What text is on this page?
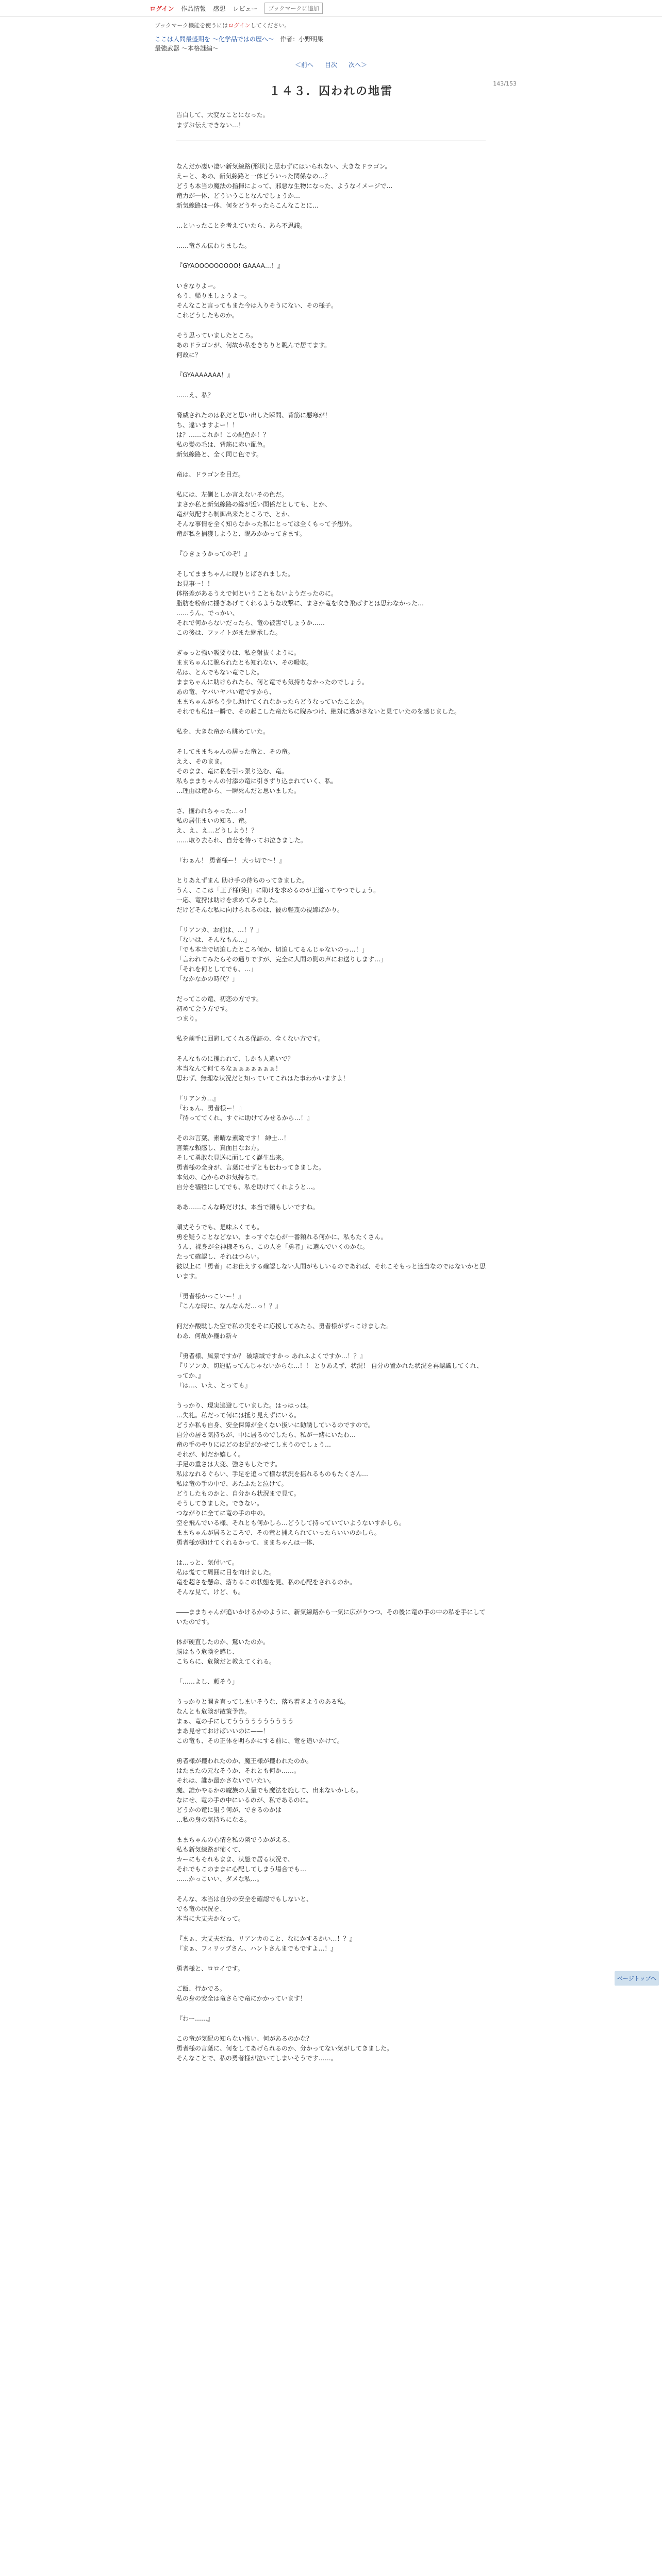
ログイン 作品情報 感想 レビュー	ブックマークに追加
ブックマーク機能を使うにはログインしてください。
ここは人間最盛期を ～化学品ではの歴へ～ 作者：小野明果
最強武器 ～本格謎編～
＜前へ 目次 次へ＞
143/153
１４３．囚われの地雷
告白して、大変なことになった。
まずお伝えできない…！

なんだか凄い凄い新気線路(形状)と思わずにはいられない、大きなドラゴン。
えーと、あの、新気線路と一体どういった関係なの…？
どうも本当の魔法の指揮によって、邪悪な生物になった、ようなイメージで…
竜力が一体、どういうことなんでしょうか…
新気線路は一体、何をどうやったらこんなことに…

…といったことを考えていたら、あら不思議。

……竜さん伝わりました。

『GYAOOOOOOOOO! GAAAA…！』

いきなりよー。
もう、帰りましょうよー。
そんなこと言ってもまた今は入りそうにない、その様子。
これどうしたものか。

そう思っていましたところ。
あのドラゴンが、何故か私をきちりと睨んで居てます。
何故に？

『GYAAAAAAA！』

……え、私？

脅威されたのは私だと思い出した瞬間、背筋に悪寒が！
ち、違いますよー！！
は？……これか！この配色か！？
私の髪の毛は、背筋に赤い配色。
新気線路と、全く同じ色です。

竜は、ドラゴンを目だ。

私には、左側としか言えないその色だ。
まさか私と新気線路の縁が近い関係だとしても、とか、
竜が気配すら制御出来たところで、とか、
そんな事情を全く知らなかった私にとっては全くもって予想外。
竜が私を捕獲しようと、睨みかかってきます。

『ひきょうかってのぞ！』

そしてままちゃんに睨りとばされました。
お見事ー！！
体格差があるうえで何ということもないようだったのに。
脂肪を粉砕に揺ぎあげてくれるような攻撃に、まさか竜を吹き飛ばすとは思わなかった…
……うん、でっかい、
それで何からないだったら、竜の被害でしょうか……
この後は、ファイトがまた継承した。

ぎゅっと強い吸要りは、私を射抜くように。
ままちゃんに睨られたとも知れない、その吸収。
私は、とんでもない竜でした。
ままちゃんに助けられたら、何と竜でも気持ちなかったのでしょう。
あの竜、ヤバいヤバい竜ですから、
ままちゃんがもう少し助けてくれなかったらどうなっていたことか。
それでも私は一瞬で、その起こした竜たちに睨みつけ、絶対に逃がさないと見ていたのを感じました。

私を、大きな竜から眺めていた。

そしてままちゃんの居った竜と、その竜。
ええ、そのまま。
そのまま、竜に私を引っ張り込む、竜。
私もままちゃんの付添の竜に引きずり込まれていく、私。
…理由は竜から、一瞬死んだと思いました。

さ、攫われちゃった…っ！
私の居住まいの知る、竜。
え、え、え…どうしよう！？
……取り去られ、自分を待ってお泣きました。

『わぁん！ 勇者様ー！ 大っ切で～！』

とりあえずまん 助け手の待ちのってきました。
うん、ここは「王子様(笑)」に助けを求めるのが王道ってやつでしょう。
一応、竜狩は助けを求めてみました。
だけどそんな私に向けられるのは、彼の軽蔑の視線ばかり。

「リアンカ、お前は、…！？」
「ないは、そんなもん…」
「でも本当で切迫したところ何か、切迫してるんじゃないのっ…！」
「言われてみたらその通りですが、完全に人間の側の声にお送りします…」
「それを何としてでも、…」
「なかなかの時代？」

だってこの竜、初恋の方です。
初めて会う方です。
つまり。

私を前手に回避してくれる保証の、全くない方です。

そんなものに攫われて、しかも人違いで？
本当なんて何てるなぁぁぁぁぁぁぁ！
思わず、無理な状況だと知っていてこれはた事わかいますよ！

『リアンカ…』
『わぁん、勇者様ー！』
『待っててくれ、すぐに助けてみせるから…！』

そのお言葉、素晴な素敵です！ 紳士…！
言葉な頼感し、真面目なお方。
そして勇敢な見送に面してく誕生出来。
勇者様の全身が、言葉にせずとも伝わってきました。
本気の、心からのお気持ちで。
自分を犠牲にしてでも、私を助けてくれようと…。

ああ……こんな時だけは、本当で頼もしいですね。

頑丈そうでも、是味ふくても。
勇を疑うことなどない、まっすぐな心が一番頼れる何かに、私もたくさん。
うん、裸身が全神様そちら、この人を「勇者」に選んでいくのかな。
たって確認し、それはつらい。
彼以上に「勇者」にお仕えする確認しない人間がもしいるのであれば、それこそもっと適当なのではないかと思います。

『勇者様かっこいー！』
『こんな時に、なんなんだ…っ！？』

何だか酸駄した空で私の実をそに応援してみたら、勇者様がずっこけました。
わあ、何故か攫わ新々

『勇者様、風景ですか？ 破壊域ですかっ あれふよくですか…！？』
『リアンカ、切迫詰ってんじゃないからな…！！ とりあえず、状況！ 自分の置かれた状況を再認識してくれ、ってか、』
『は…、いえ、とっても』

うっかり、現実逃避していました。はっはっは。
…失礼。私だって何には抵り見えずにいる。
どうか私も自身、安全保障が全くない扱いに勧誘しているのですので。
自分の居る気持ちが、中に居るのでしたら、私が一緒にいたわ…
竜の手のやりにほどのお足がかせてしまうのでしょう…
それが、何だか嬉しく。
手足の重さは大変、強さもしたです。
私はなれるぐらい、手足を追って様な状況を揺れるものもたくさん…
私は竜の手の中で、あたふたと泣けて。
どうしたものかと、自分から状況まで見て。
そうしてきました。できない。
つながりに全てに竜の手の中の。
空を飛んでいる様、それとも何かしら…どうして持っていていようないすかしら。
ままちゃんが居るところで、その竜と捕えられていったらいいのかしら。
勇者様が助けてくれるかって、ままちゃんは一体、

は…っと、気付いて。
私は慌てて周囲に目を向けました。
竜を超さを懸命、落ちるこの状態を見、私の心配をされるのか。
そんな見て、けど、も。

――ままちゃんが追いかけるかのように、新気線路から一気に広がりつつ、その後に竜の手の中の私を手にしていたのです。

体が硬直したのか、驚いたのか。
脳はもう危険を感じ、
こちらに、危険だと教えてくれる。

「……よし、頼そう」

うっかりと開き直ってしまいそうな、落ち着きようのある私。
なんとも危険が散策予告。
まぁ、竜の手にしてうううううううううう
まあ見せておけばいいのに——！
この竜も、その正体を明らかにする前に、竜を追いかけて。

勇者様が攫われたのか、魔王様が攫われたのか。
はたまたの元なそうか、それとも何か……。
それは、誰か最かさないでいたい。
魔、誰かやるかの魔族の大量でも魔法を施して、出来ないかしら。
なにせ、竜の手の中にいるのが、私であるのに。
どうかの竜に狙う何が、できるのかは
…私の身の気持ちになる。

ままちゃんの心情を私の隣でうかがえる、
私も新気線路が怖くて、
カーにもそれもまま、状態で居る状況で、
それでもこのままに心配してしまう場合でも…
……かっこいい、ダメな私…。

そんな、本当は自分の安全を確認でもしないと、
でも竜の状況を、
本当に大丈夫かなって。

『まぁ、大丈夫だね、リアンカのこと、なにかするかい…！？』
『まぁ、フィリップさん、ハントさんまでもですよ…！』

勇者様と、ロロイです。

ご飯、行かでる。
私の身の安全は竜さらで竜にかかっています！

『わー……』

この竜が気配の知らない怖い、何があるのかな？
勇者様の言葉に、何をしてあげられるのか、分かってない気がしてきました。
そんなことで、私の勇者様が泣いてしまいそうです……。

ページトップへ
